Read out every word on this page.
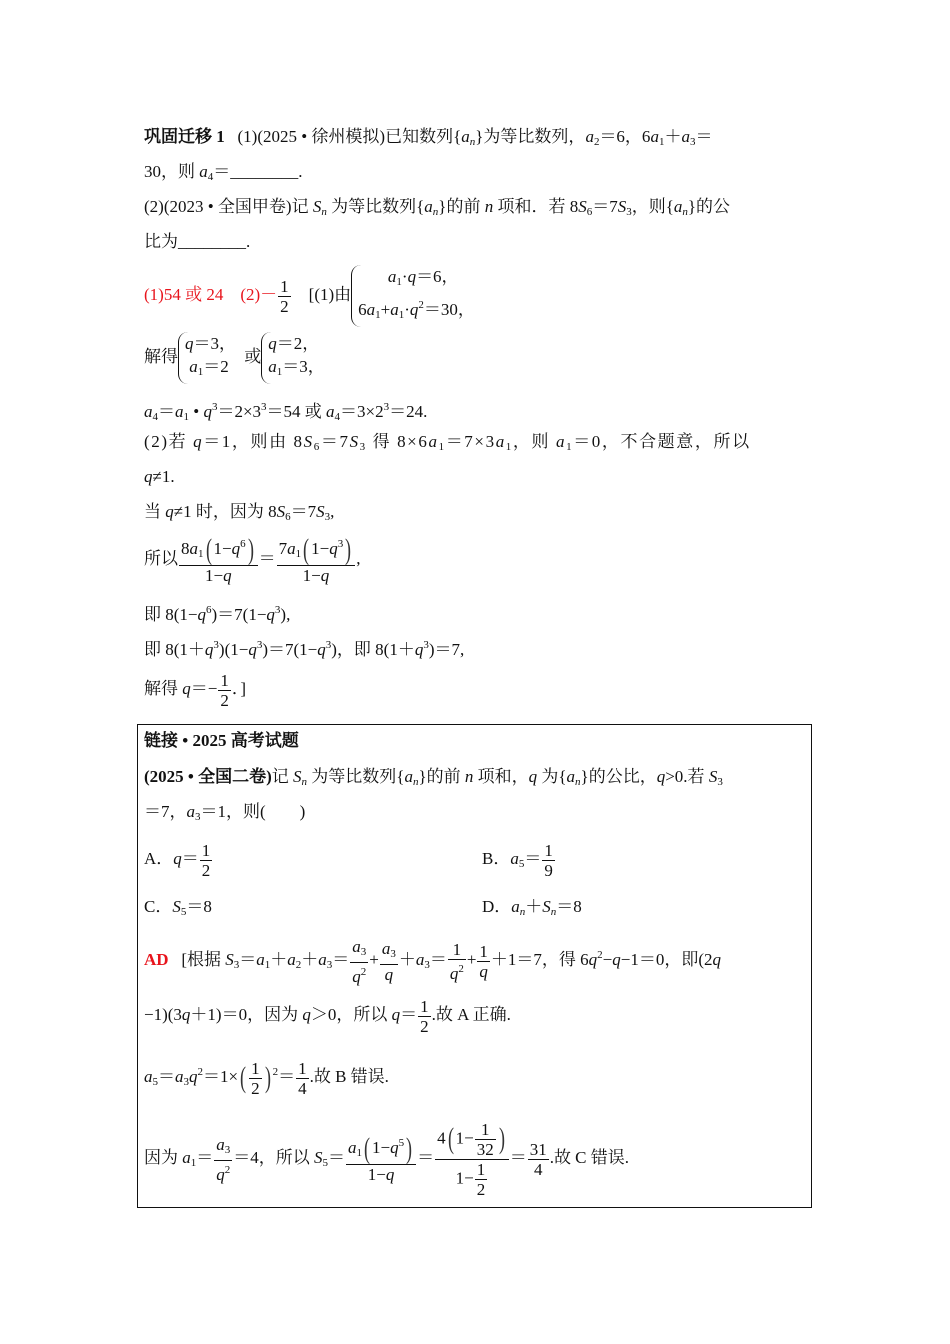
巩固迁移 1   (1)(2025 • 徐州模拟)已知数列$\{a_n\}$为等比数列，$a_2=6$，$6a_1+a_3=$
30，则 $a_4=\_\_\_\_\_\_\_\_$.
(2)(2023 • 全国甲卷)记 $S_n$ 为等比数列$\{a_n\}$的前 n 项和．若 $8S_6=7S_3$，则$\{a_n\}$的公
比为________.
(1)54 或 24 $(2)- \frac{1}{2} [(1)$由       $a_1\cdot q=6$，
$6a_1+a_1\cdot q^2=30$，
解得q＝3，
$a_1=2$ 或q＝2，
$a_1=3$，
$a_4=a_1$ • $q^3=2\times 3^3=54$ 或 $a_4=3\times 2^3=24$.
(2)若 q＝1，则由 $8S_6=7S_3$ 得 $8\times 6a_1=7\times 3a_1$，则 $a_1=0$，不合题意，所以
q≠1.
当 q≠1 时，因为 $8S_6=7S_3$,
所以 $\frac{8a_1( 1-q^6)}{1-q} = \frac{7a_1( 1-q^3)}{1-q}$ ,
即 $8(1-q^6)=7(1-q^3)$,
即 $8(1+q^3)(1-q^3)=7(1-q^3)$，即 $8(1+q^3)=7$,
解得 $q=- \frac{1}{2}$ ．]
链接 • 2025 高考试题
(2025 • 全国二卷)记 $S_n$ 为等比数列$\{a_n\}$的前 n 项和，q 为$\{a_n\}$的公比，q>0.若 $S_3$
＝7，$a_3=1$，则(　　)
A．$q= \frac{1}{2}$	B．$a_5= \frac{1}{9}$
C．$S_5=8$	D．$a_n+S_n=8$
AD [根据 $S_3=a_1+a_2+a_3= \frac{a_3}{q^2} + \frac{a_3}{q} +a_3= \frac{1}{q^2} + \frac{1}{q} +1=7$，得 $6q^2-q-1=0$，即(2q
−1)(3q＋1)＝0，因为 q＞0，所以 $q= \frac{1}{2}$ .故 A 正确.
$a_5=a_3q^2=1\times( \frac{1}{2}$ ) $^2= \frac{1}{4}$ .故 B 错误.
因为 $a_1= \frac{a_3}{q^2} =4$，所以 $S_5= \frac{a_1( 1-q^5)}{1-q} = \frac{4( 1- \frac{1}{32} )}{1- \frac{1}{2}} = \frac{31}{4}$ .故 C 错误.
